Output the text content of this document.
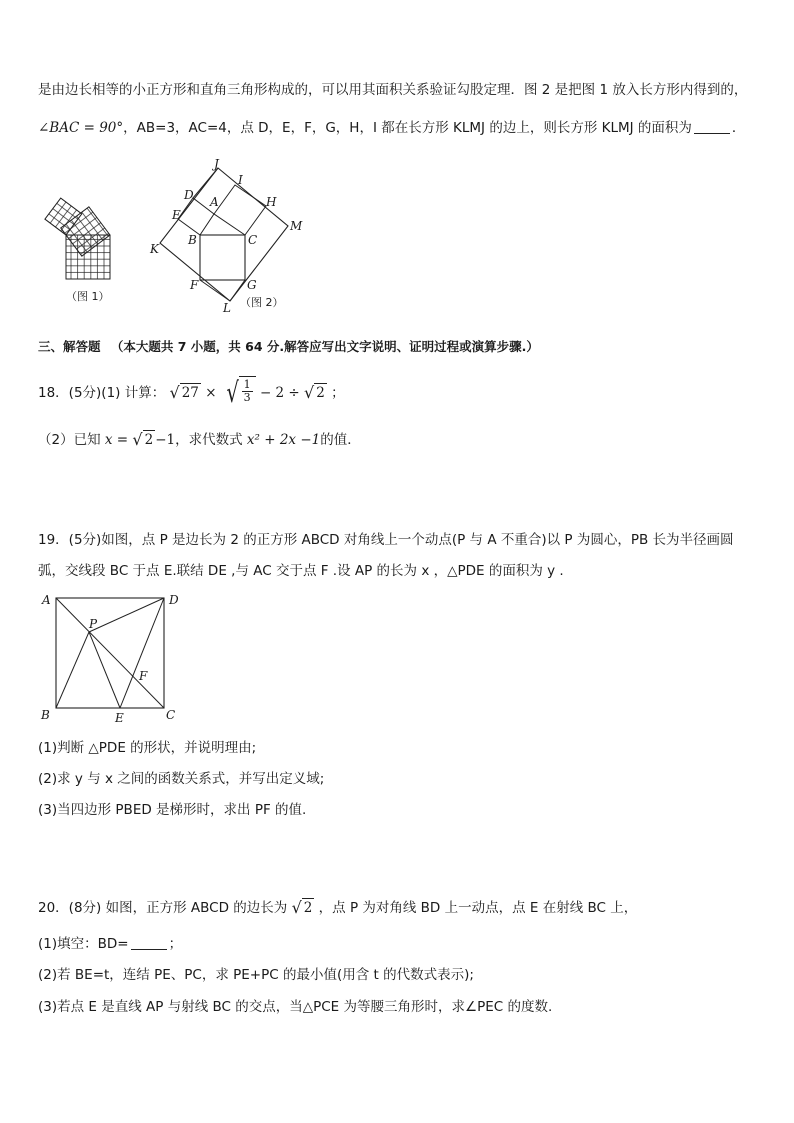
是由边长相等的小正方形和直角三角形构成的，可以用其面积关系验证勾股定理．图 2 是把图 1 放入长方形内得到的，
∠BAC = 90°，AB=3，AC=4，点 D，E，F，G，H，I 都在长方形 KLMJ 的边上，则长方形 KLMJ 的面积为	．
（图 1）
J
I
D A	H
M
E
B	C
K
F	G
L （图 2）
三、解答题 （本大题共 7 小题，共 64 分.解答应写出文字说明、证明过程或演算步骤.）
18．(5分)(1) 计算： √ 27 × √ $\frac{1}{3} - 2$ ÷ √ 2 ；
（2）已知 x = √ 2 −1，求代数式 x² + 2x −1的值．
19．(5分)如图，点 P 是边长为 2 的正方形 ABCD 对角线上一个动点(P 与 A 不重合)以 P 为圆心，PB 长为半径画圆
弧，交线段 BC 于点 E.联结 DE ,与 AC 交于点 F .设 AP 的长为 x ，△PDE 的面积为 y .
A	D
P
F
B	E	C
(1)判断 △PDE 的形状，并说明理由;
(2)求 y 与 x 之间的函数关系式，并写出定义域;
(3)当四边形 PBED 是梯形时，求出 PF 的值.
20．(8分) 如图，正方形 ABCD 的边长为 √ 2 ，点 P 为对角线 BD 上一动点，点 E 在射线 BC 上，
(1)填空：BD=	；
(2)若 BE=t，连结 PE、PC，求 PE+PC 的最小值(用含 t 的代数式表示);
(3)若点 E 是直线 AP 与射线 BC 的交点，当△PCE 为等腰三角形时，求∠PEC 的度数.
